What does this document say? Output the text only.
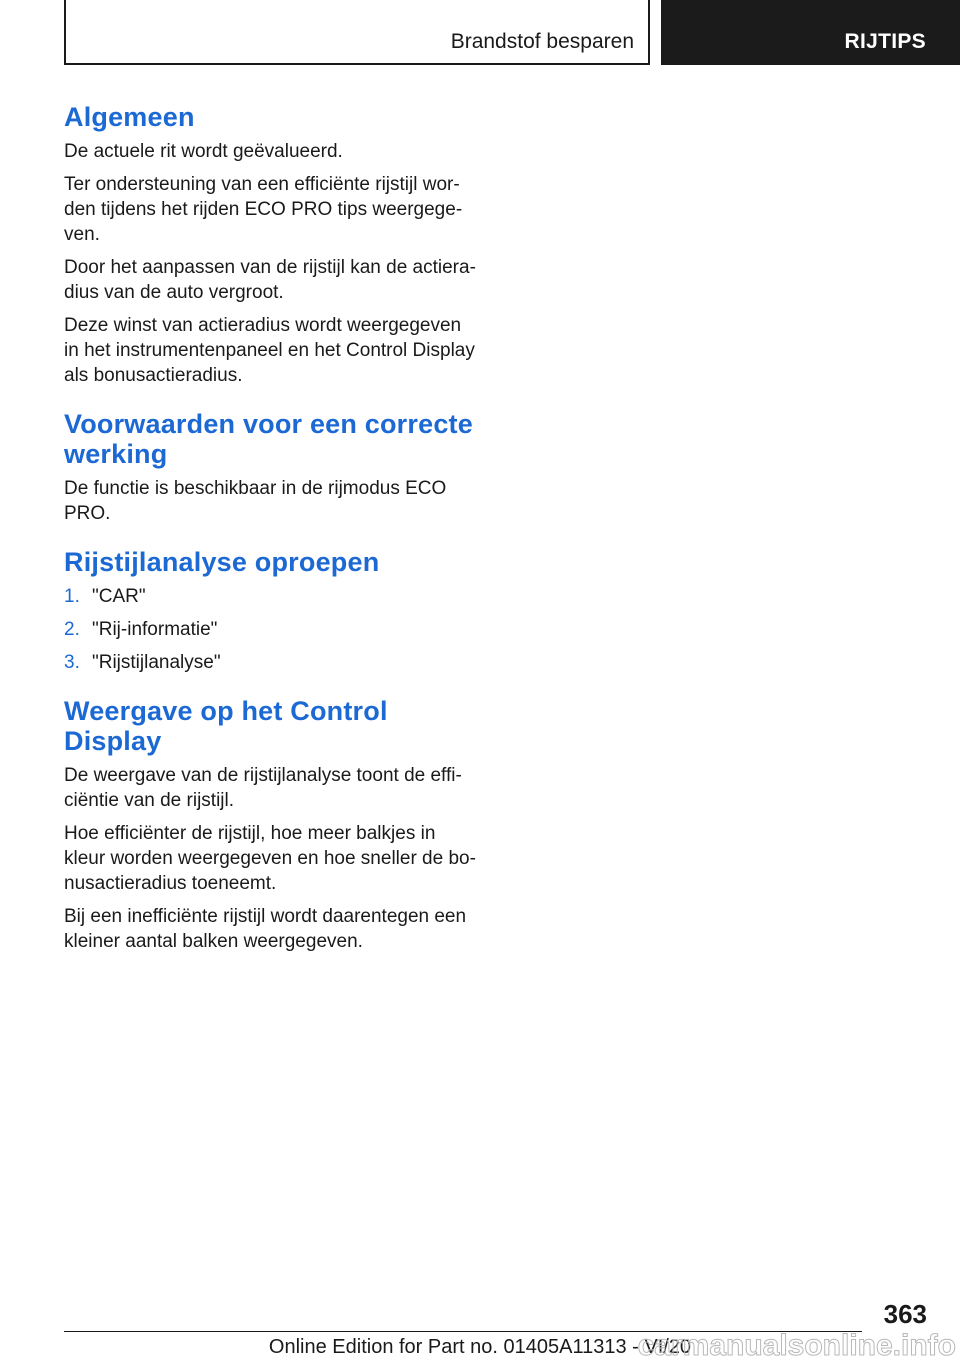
Brandstof besparen	RIJTIPS
Algemeen

De actuele rit wordt geëvalueerd.

Ter ondersteuning van een efficiënte rijstijl wor-
den tijdens het rijden ECO PRO tips weergege-
ven.

Door het aanpassen van de rijstijl kan de actiera-
dius van de auto vergroot.

Deze winst van actieradius wordt weergegeven
in het instrumentenpaneel en het Control Display
als bonusactieradius.

Voorwaarden voor een correcte
werking

De functie is beschikbaar in de rijmodus ECO
PRO.

Rijstijlanalyse oproepen
1. "CAR"
2. "Rij-informatie"
3. "Rijstijlanalyse"
Weergave op het Control Display

De weergave van de rijstijlanalyse toont de effi-
ciëntie van de rijstijl.

Hoe efficiënter de rijstijl, hoe meer balkjes in
kleur worden weergegeven en hoe sneller de bo-
nusactieradius toeneemt.

Bij een inefficiënte rijstijl wordt daarentegen een
kleiner aantal balken weergegeven.

363
Online Edition for Part no. 01405A11313 - VI/20
carmanualsonline.info
